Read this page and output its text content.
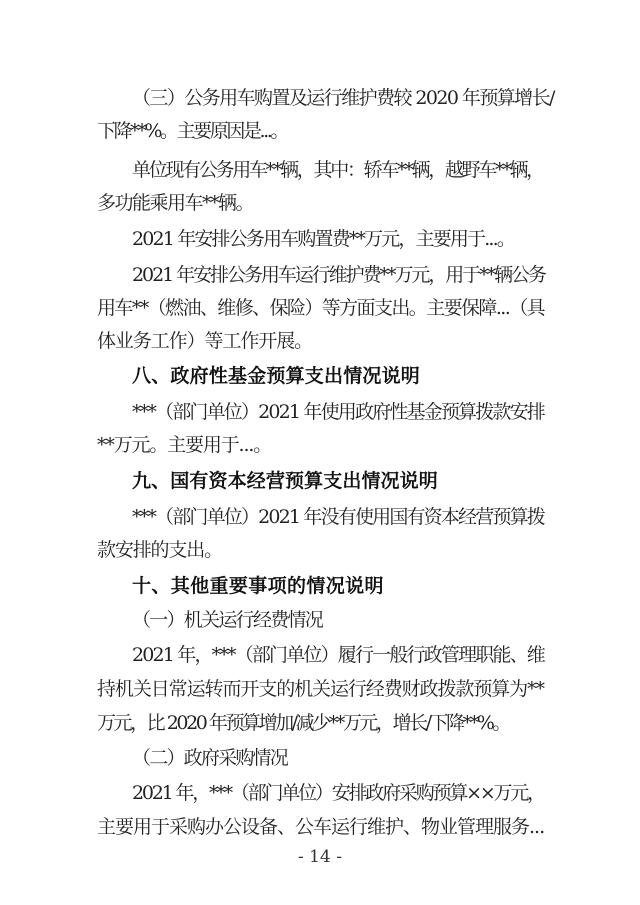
（三）公务用车购置及运行维护费较 2020 年预算增长/
下降**%。主要原因是...。
单位现有公务用车**辆，其中：轿车**辆，越野车**辆，
多功能乘用车**辆。
2021 年安排公务用车购置费**万元，主要用于...。
2021 年安排公务用车运行维护费**万元，用于**辆公务
用车**（燃油、维修、保险）等方面支出。主要保障...（具
体业务工作）等工作开展。
八、政府性基金预算支出情况说明
***（部门单位）2021 年使用政府性基金预算拨款安排
**万元。主要用于...。
九、国有资本经营预算支出情况说明
***（部门单位）2021 年没有使用国有资本经营预算拨
款安排的支出。
十、其他重要事项的情况说明
（一）机关运行经费情况
2021 年，***（部门单位）履行一般行政管理职能、维
持机关日常运转而开支的机关运行经费财政拨款预算为**
万元，比 2020 年预算增加/减少**万元，增长/下降**%。
（二）政府采购情况
2021 年，***（部门单位）安排政府采购预算××万元，
主要用于采购办公设备、公车运行维护、物业管理服务...
- 14 -
